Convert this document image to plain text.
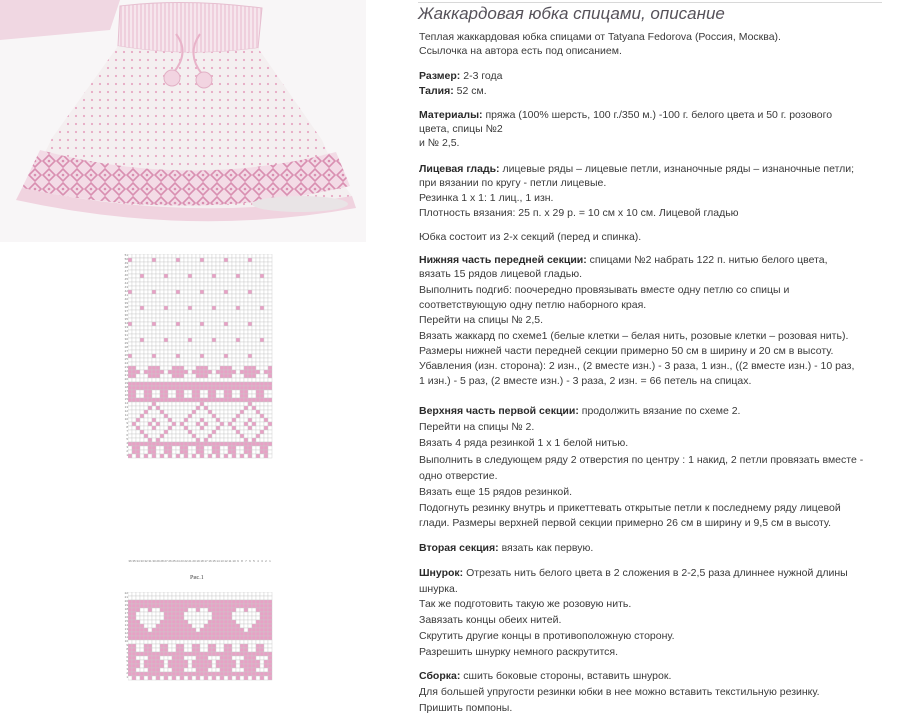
51
50
49
48
47
46
45
44
43
42
41
40
39
38
37
36
35
34
33
32
31
30
29
28
27
26
25
24
23
22
21
20
19
18
17
16
15
14
13
12
11
10
9
8
7
6
5
4
3
2
1
36 35 34 33 32 31 30 29 28 27 26 25 24 23 22 21 20 19 18 17 16 15 14 13 12 11 10 9 8 7 6 5 4 3 2 1
Рис.1
22
21
20
19
18
17
16
15
14
13
12
11
10
9
8
7
6
5
4
3
2
1
Жаккардовая юбка спицами, описание
Теплая жаккардовая юбка спицами от Tatyana Fedorova (Россия, Москва).
Ссылочка на автора есть под описанием.
Размер: 2-3 года
Талия: 52 см.
Материалы: пряжа (100% шерсть, 100 г./350 м.) -100 г. белого цвета и 50 г. розового
цвета, спицы №2
и № 2,5.
Лицевая гладь: лицевые ряды – лицевые петли, изнаночные ряды – изнаночные петли;
при вязании по кругу - петли лицевые.
Резинка 1 х 1: 1 лиц., 1 изн.
Плотность вязания: 25 п. х 29 р. = 10 см х 10 см. Лицевой гладью
Юбка состоит из 2-х секций (перед и спинка).
Нижняя часть передней секции: спицами №2 набрать 122 п. нитью белого цвета,
вязать 15 рядов лицевой гладью.
Выполнить подгиб: поочередно провязывать вместе одну петлю со спицы и
соответствующую одну петлю наборного края.
Перейти на спицы № 2,5.
Вязать жаккард по схеме1 (белые клетки – белая нить, розовые клетки – розовая нить).
Размеры нижней части передней секции примерно 50 см в ширину и 20 см в высоту.
Убавления (изн. сторона): 2 изн., (2 вместе изн.) - 3 раза, 1 изн., ((2 вместе изн.) - 10 раз,
1 изн.) - 5 раз, (2 вместе изн.) - 3 раза, 2 изн. = 66 петель на спицах.
Верхняя часть первой секции: продолжить вязание по схеме 2.
Перейти на спицы № 2.
Вязать 4 ряда резинкой 1 х 1 белой нитью.
Выполнить в следующем ряду 2 отверстия по центру : 1 накид, 2 петли провязать вместе -
одно отверстие.
Вязать еще 15 рядов резинкой.
Подогнуть резинку внутрь и прикеттевать открытые петли к последнему ряду лицевой
глади. Размеры верхней первой секции примерно 26 см в ширину и 9,5 см в высоту.
Вторая секция: вязать как первую.
Шнурок: Отрезать нить белого цвета в 2 сложения в 2-2,5 раза длиннее нужной длины
шнурка.
Так же подготовить такую же розовую нить.
Завязать концы обеих нитей.
Скрутить другие концы в противоположную сторону.
Разрешить шнурку немного раскрутится.
Сборка: сшить боковые стороны, вставить шнурок.
Для большей упругости резинки юбки в нее можно вставить текстильную резинку.
Пришить помпоны.
